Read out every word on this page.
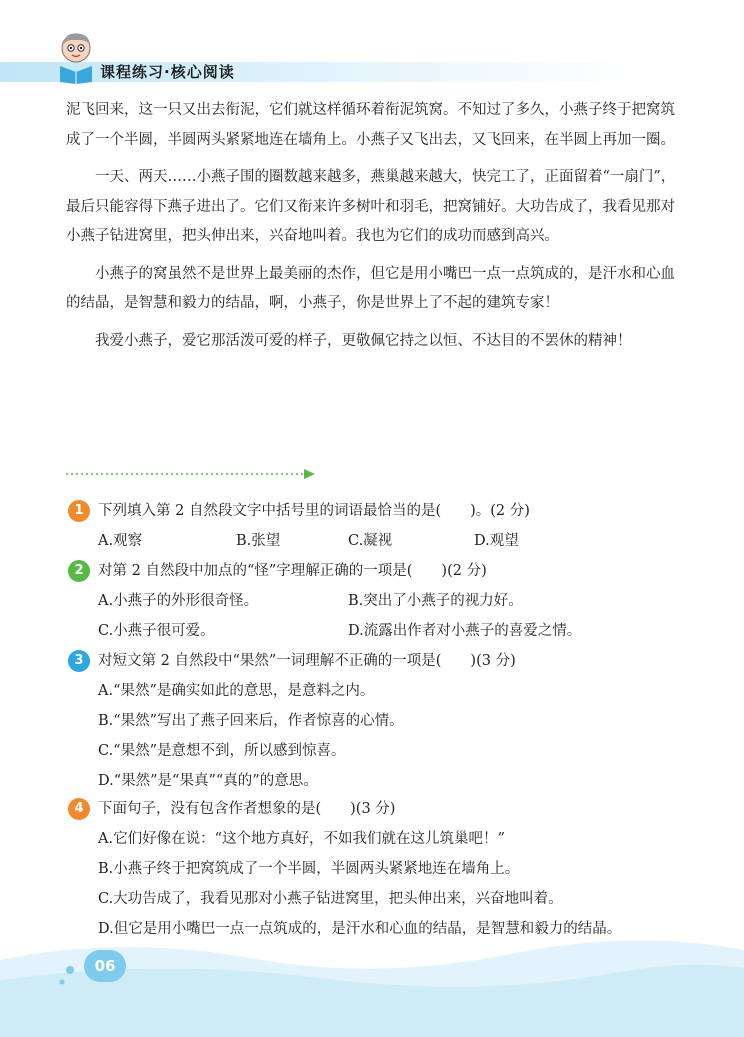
课程练习·核心阅读

泥飞回来，这一只又出去衔泥，它们就这样循环着衔泥筑窝。不知过了多久，小燕子终于把窝筑成了一个半圆，半圆两头紧紧地连在墙角上。小燕子又飞出去，又飞回来，在半圆上再加一圈。

一天、两天……小燕子围的圈数越来越多，燕巢越来越大，快完工了，正面留着“一扇门”，最后只能容得下燕子进出了。它们又衔来许多树叶和羽毛，把窝铺好。大功告成了，我看见那对小燕子钻进窝里，把头伸出来，兴奋地叫着。我也为它们的成功而感到高兴。

小燕子的窝虽然不是世界上最美丽的杰作，但它是用小嘴巴一点一点筑成的，是汗水和心血的结晶，是智慧和毅力的结晶，啊，小燕子，你是世界上了不起的建筑专家！

我爱小燕子，爱它那活泼可爱的样子，更敬佩它持之以恒、不达目的不罢休的精神！

1 下列填入第 2 自然段文字中括号里的词语最恰当的是(　　)。(2 分)
A.观察	B.张望	C.凝视	D.观望
2 对第 2 自然段中加点的“怪”字理解正确的一项是(　　)(2 分)
A.小燕子的外形很奇怪。	B.突出了小燕子的视力好。
C.小燕子很可爱。	D.流露出作者对小燕子的喜爱之情。
3 对短文第 2 自然段中“果然”一词理解不正确的一项是(　　)(3 分)
A.“果然”是确实如此的意思，是意料之内。
B.“果然”写出了燕子回来后，作者惊喜的心情。
C.“果然”是意想不到，所以感到惊喜。
D.“果然”是“果真”“真的”的意思。
4 下面句子，没有包含作者想象的是(　　)(3 分)
A.它们好像在说：“这个地方真好，不如我们就在这儿筑巢吧！”
B.小燕子终于把窝筑成了一个半圆，半圆两头紧紧地连在墙角上。
C.大功告成了，我看见那对小燕子钻进窝里，把头伸出来，兴奋地叫着。
D.但它是用小嘴巴一点一点筑成的，是汗水和心血的结晶，是智慧和毅力的结晶。
06
